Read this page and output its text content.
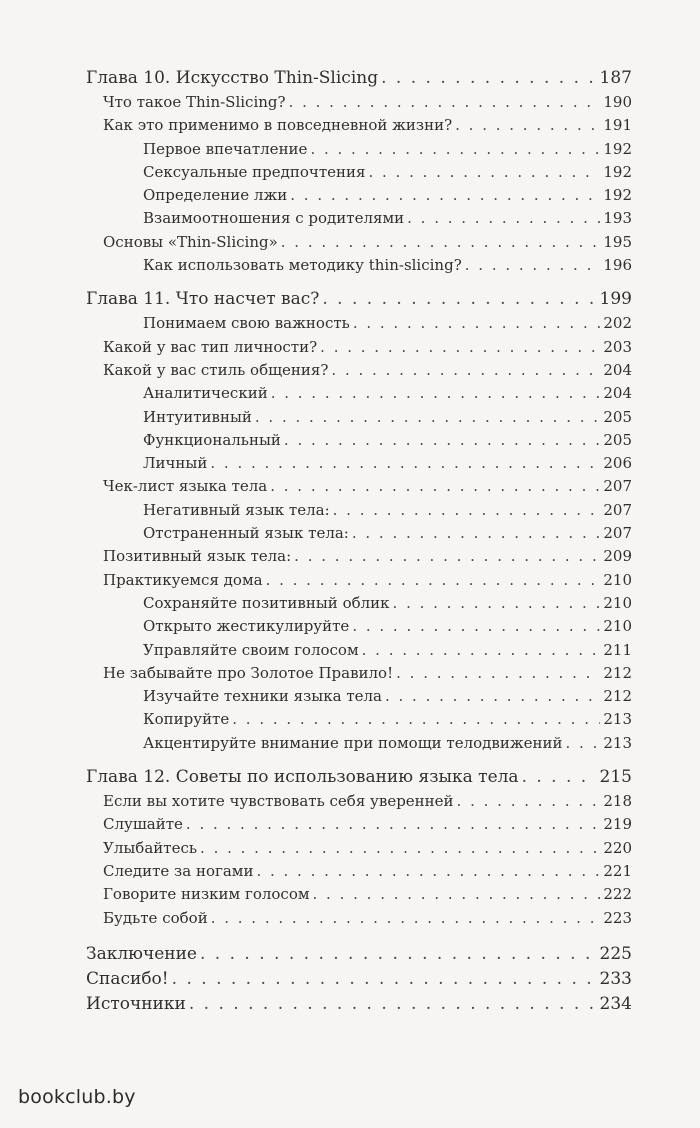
Глава 10. Искусство Thin-Slicing . . .	187
Что такое Thin-Slicing? . . .	190
Как это применимо в повседневной жизни? . . .	191
Первое впечатление . . .	192
Сексуальные предпочтения . . .	192
Определение лжи . . .	192
Взаимоотношения с родителями . . .	193
Основы «Thin-Slicing» . . .	195
Как использовать методику thin-slicing? . . .	196
Глава 11. Что насчет вас? . . .	199
Понимаем свою важность . . .	202
Какой у вас тип личности? . . .	203
Какой у вас стиль общения? . . .	204
Аналитический . . .	204
Интуитивный . . .	205
Функциональный . . .	205
Личный . . .	206
Чек-лист языка тела . . .	207
Негативный язык тела: . . .	207
Отстраненный язык тела: . . .	207
Позитивный язык тела: . . .	209
Практикуемся дома . . .	210
Сохраняйте позитивный облик . . .	210
Открыто жестикулируйте . . .	210
Управляйте своим голосом . . .	211
Не забывайте про Золотое Правило! . . .	212
Изучайте техники языка тела . . .	212
Копируйте . . .	213
Акцентируйте внимание при помощи телодвижений . . .	213
Глава 12. Советы по использованию языка тела . . .	215
Если вы хотите чувствовать себя уверенней . . .	218
Слушайте . . .	219
Улыбайтесь . . .	220
Следите за ногами . . .	221
Говорите низким голосом . . .	222
Будьте собой . . .	223
Заключение . . .	225
Спасибо! . . .	233
Источники . . .	234
bookclub.by
